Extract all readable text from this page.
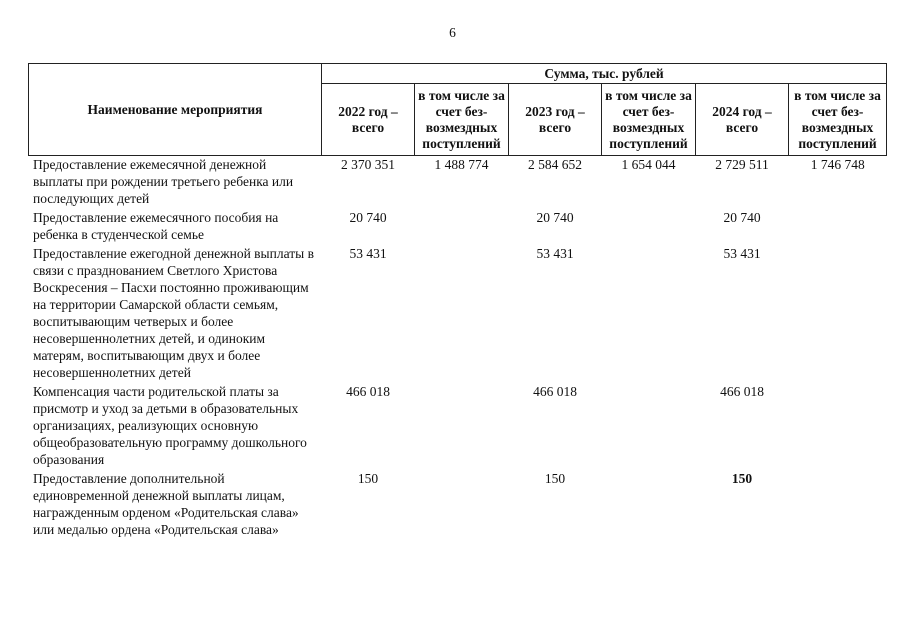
6
Наименование мероприятия	Сумма, тыс. рублей					
	2022 год – всего	в том числе за счет без-возмездных поступлений	2023 год – всего	в том числе за счет без-возмездных поступлений	2024 год – всего	в том числе за счет без-возмездных поступлений
Предоставление ежемесячной денежной выплаты при рождении третьего ребенка или последующих детей	2 370 351	1 488 774	2 584 652	1 654 044	2 729 511	1 746 748
Предоставление ежемесячного пособия на ребенка в студенческой семье	20 740		20 740		20 740	
Предоставление ежегодной денежной выплаты в связи с празднованием Светлого Христова Воскресения – Пасхи постоянно проживающим на территории Самарской области семьям, воспитывающим четверых и более несовершеннолетних детей, и одиноким матерям, воспитывающим двух и более несовершеннолетних детей	53 431		53 431		53 431	
Компенсация части родительской платы за присмотр и уход за детьми в образовательных организациях, реализующих основную общеобразовательную программу дошкольного образования	466 018		466 018		466 018	
Предоставление дополнительной единовременной денежной выплаты лицам, награжденным орденом «Родительская слава» или медалью ордена «Родительская слава»	150		150		150	
